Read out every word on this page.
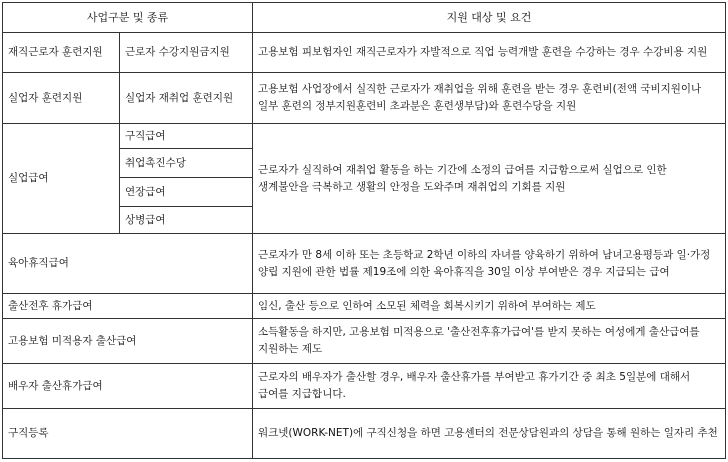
사업구분 및 종류		지원 대상 및 요건
재직근로자 훈련지원	근로자 수강지원금지원	고용보험 피보험자인 재직근로자가 자발적으로 직업 능력개발 훈련을 수강하는 경우 수강비용 지원
실업자 훈련지원	실업자 재취업 훈련지원	고용보험 사업장에서 실직한 근로자가 재취업을 위해 훈련을 받는 경우 훈련비(전액 국비지원이나 일부 훈련의 정부지원훈련비 초과분은 훈련생부담)와 훈련수당을 지원
실업급여	구직급여	근로자가 실직하여 재취업 활동을 하는 기간에 소정의 급여를 지급함으로써 실업으로 인한 생계불안을 극복하고 생활의 안정을 도와주며 재취업의 기회를 지원
	취업촉진수당	
	연장급여	
	상병급여	
육아휴직급여		근로자가 만 8세 이하 또는 초등학교 2학년 이하의 자녀를 양육하기 위하여 남녀고용평등과 일·가정 양립 지원에 관한 법률 제19조에 의한 육아휴직을 30일 이상 부여받은 경우 지급되는 급여
출산전후 휴가급여		임신, 출산 등으로 인하여 소모된 체력을 회복시키기 위하여 부여하는 제도
고용보험 미적용자 출산급여		소득활동을 하지만, 고용보험 미적용으로 '출산전후휴가급여'를 받지 못하는 여성에게 출산급여를 지원하는 제도
배우자 출산휴가급여		근로자의 배우자가 출산할 경우, 배우자 출산휴가를 부여받고 휴가기간 중 최초 5일분에 대해서 급여를 지급합니다.
구직등록		워크넷(WORK-NET)에 구직신청을 하면 고용센터의 전문상담원과의 상담을 통해 원하는 일자리 추천
